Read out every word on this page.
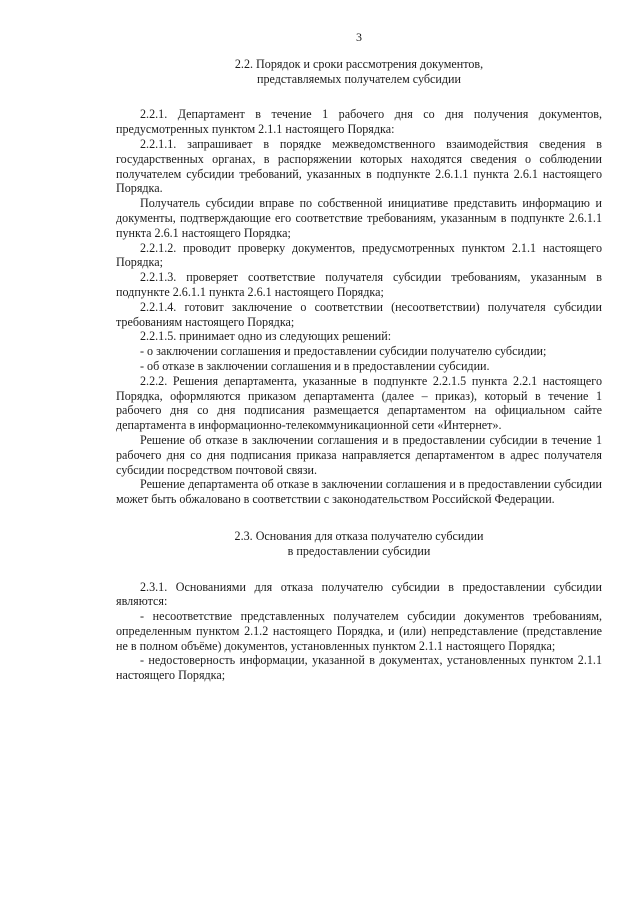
3

2.2. Порядок и сроки рассмотрения документов,

представляемых получателем субсидии

2.2.1. Департамент в течение 1 рабочего дня со дня получения документов, предусмотренных пунктом 2.1.1 настоящего Порядка:

2.2.1.1. запрашивает в порядке межведомственного взаимодействия сведения в государственных органах, в распоряжении которых находятся сведения о соблюдении получателем субсидии требований, указанных в подпункте 2.6.1.1 пункта 2.6.1 настоящего Порядка.

Получатель субсидии вправе по собственной инициативе представить информацию и документы, подтверждающие его соответствие требованиям, указанным в подпункте 2.6.1.1 пункта 2.6.1 настоящего Порядка;

2.2.1.2. проводит проверку документов, предусмотренных пунктом 2.1.1 настоящего Порядка;

2.2.1.3. проверяет соответствие получателя субсидии требованиям, указанным в подпункте 2.6.1.1 пункта 2.6.1 настоящего Порядка;

2.2.1.4. готовит заключение о соответствии (несоответствии) получателя субсидии требованиям настоящего Порядка;

2.2.1.5. принимает одно из следующих решений:

- о заключении соглашения и предоставлении субсидии получателю субсидии;

- об отказе в заключении соглашения и в предоставлении субсидии.

2.2.2. Решения департамента, указанные в подпункте 2.2.1.5 пункта 2.2.1 настоящего Порядка, оформляются приказом департамента (далее – приказ), который в течение 1 рабочего дня со дня подписания размещается департаментом на официальном сайте департамента в информационно-телекоммуникационной сети «Интернет».

Решение об отказе в заключении соглашения и в предоставлении субсидии в течение 1 рабочего дня со дня подписания приказа направляется департаментом в адрес получателя субсидии посредством почтовой связи.

Решение департамента об отказе в заключении соглашения и в предоставлении субсидии может быть обжаловано в соответствии с законодательством Российской Федерации.

2.3. Основания для отказа получателю субсидии

в предоставлении субсидии

2.3.1. Основаниями для отказа получателю субсидии в предоставлении субсидии являются:

- несоответствие представленных получателем субсидии документов требованиям, определенным пунктом 2.1.2 настоящего Порядка, и (или) непредставление (представление не в полном объёме) документов, установленных пунктом 2.1.1 настоящего Порядка;

- недостоверность информации, указанной в документах, установленных пунктом 2.1.1 настоящего Порядка;
